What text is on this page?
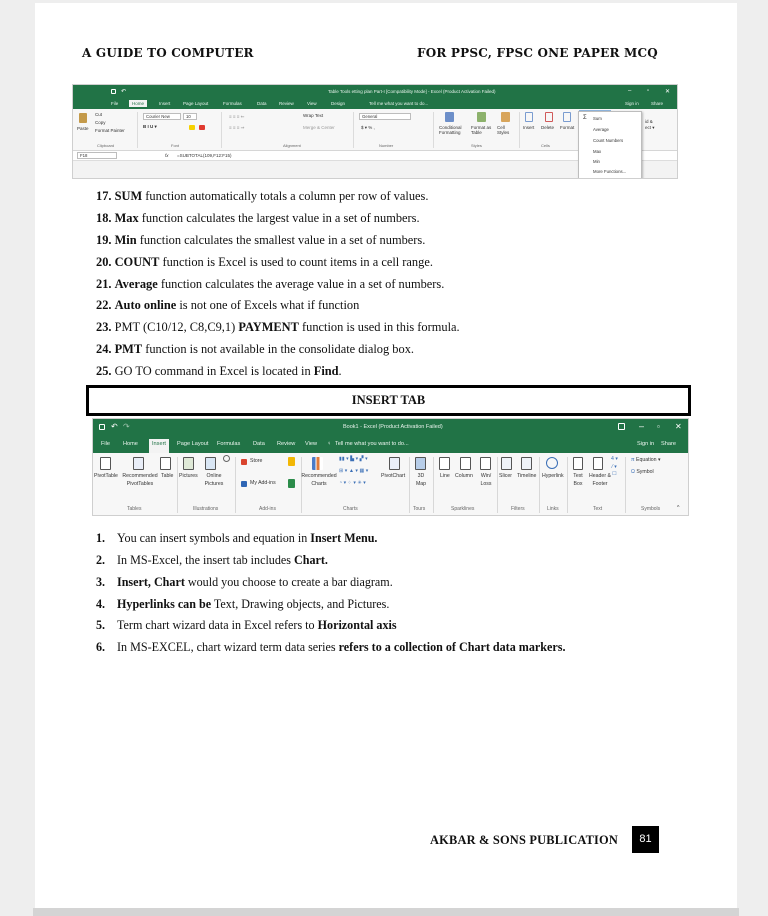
A GUIDE TO COMPUTER	FOR PPSC, FPSC ONE PAPER MCQ
↶	Table Tools etting plan Part-I [Compatibility Mode] - Excel (Product Activation Failed)	–	▫	✕
File	Home	Insert	Page Layout	Formulas	Data	Review	View	Design	Tell me what you want to do...	Sign in	Share
Paste
Cut
Copy
Format Painter
Clipboard
Courier New	10
B I U ▾
Font
Wrap Text
Merge & Center
≡ ≡ ≡ ⇐
≡ ≡ ≡ ⇒
Alignment
General
$ ▾ % ,
Number
Conditional Formatting
Format as Table
Cell Styles
Styles
Insert Delete Format
Cells
id &
ect ▾
F18	fx =SUBTOTAL(109,F12:F15)
Sum
Average
Count Numbers
Max
Min
More Functions...
Σ
17. SUM function automatically totals a column per row of values.
18. Max function calculates the largest value in a set of numbers.
19. Min function calculates the smallest value in a set of numbers.
20. COUNT function is Excel is used to count items in a cell range.
21. Average function calculates the average value in a set of numbers.
22. Auto online is not one of Excels what if function
23. PMT (C10/12, C8,C9,1) PAYMENT function is used in this formula.
24. PMT function is not available in the consolidate dialog box.
25. GO TO command in Excel is located in Find.
INSERT TAB
↶ ↷	Book1 - Excel (Product Activation Failed)	– ▫ ✕
File Home	Insert	Page Layout Formulas Data Review View ♀ Tell me what you want to do...	Sign in Share
PivotTable Recommended PivotTables
Table
Tables
Pictures	Online Pictures
Illustrations
Store
My Add-ins
Add-ins
Recommended Charts
▮▮ ▾ ▙ ▾ ▞ ▾
⊞ ▾ ▲ ▾ ▦ ▾
◔ ▾ ⁘ ▾ ✳ ▾
PivotChart
Charts
3D Map
Tours
Line Column	Win/ Loss
Sparklines
Slicer Timeline
Filters
Hyperlink
Links
Text Box
Header & Footer
4 ▾
⁄ ▾
☐
Text
π Equation ▾
Ω Symbol
Symbols	^
1. You can insert symbols and equation in Insert Menu.
2. In MS-Excel, the insert tab includes Chart.
3. Insert, Chart would you choose to create a bar diagram.
4. Hyperlinks can be Text, Drawing objects, and Pictures.
5. Term chart wizard data in Excel refers to Horizontal axis
6. In MS-EXCEL, chart wizard term data series refers to a collection of Chart data markers.
AKBAR & SONS PUBLICATION	81
